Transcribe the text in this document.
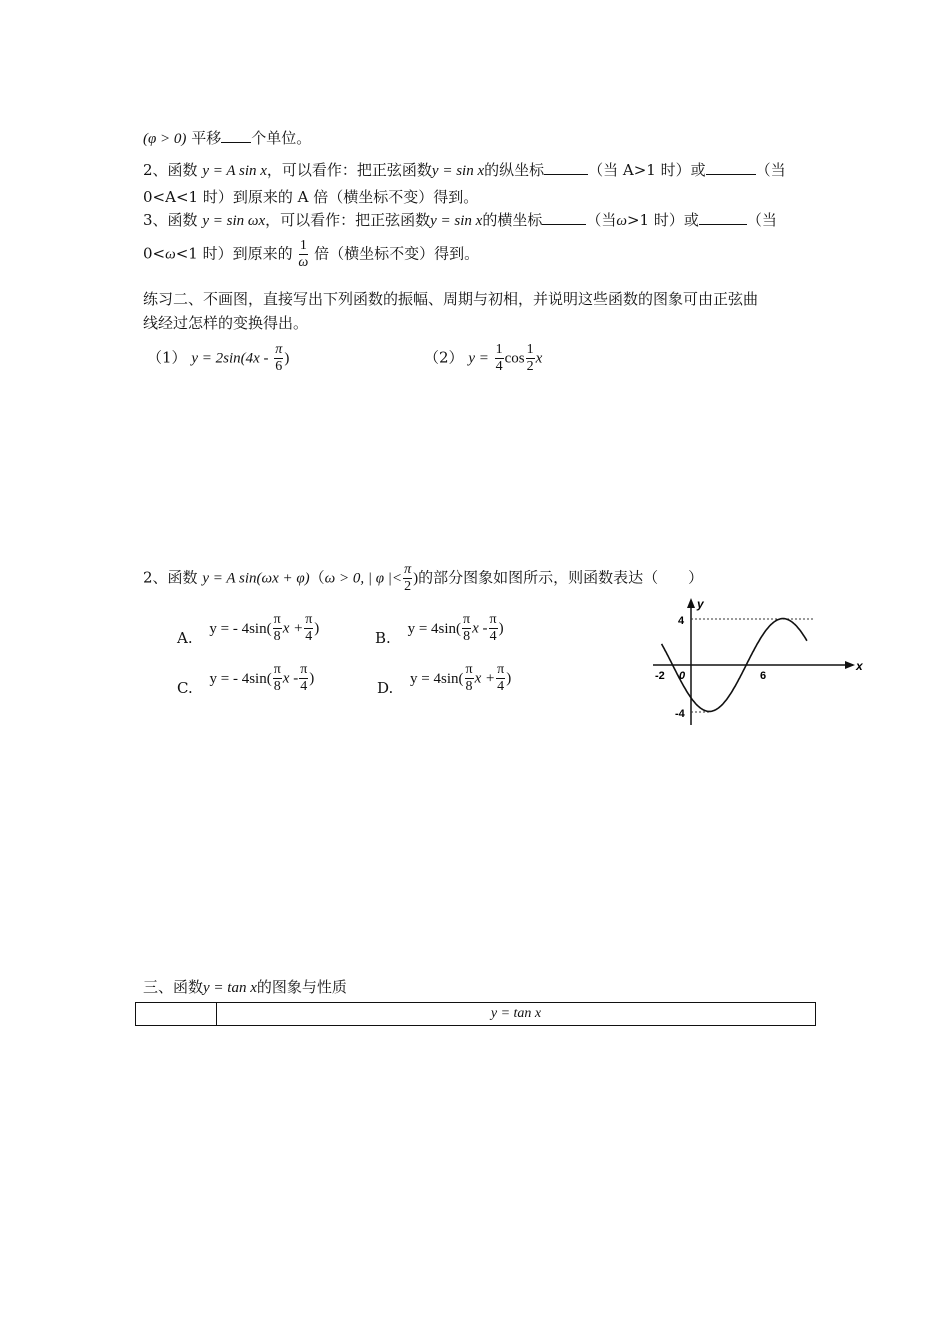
(φ > 0) 平移 个单位。
2、函数 y = A sin x，可以看作：把正弦函数y = sin x的纵坐标	（当 A>1 时）或	（当
0<A<1 时）到原来的 A 倍（横坐标不变）得到。
3、函数 y = sin ωx，可以看作：把正弦函数y = sin x的横坐标	（当ω>1 时）或	（当
0<ω<1 时）到原来的 $\frac{1}{\omega}$ 倍（横坐标不变）得到。
练习二、不画图，直接写出下列函数的振幅、周期与初相，并说明这些函数的图象可由正弦曲
线经过怎样的变换得出。
（1） $y = 2\sin(4x - \frac{\pi}{6}$ )	（2） $y = \frac{1}{4}$ $\cos \frac{1}{2}$ x
2、函数 y = A sin(ωx + φ)（ω > 0, | φ |< $\frac{\pi}{2}$ )的部分图象如图所示，则函数表达（　　）
A. y = - $4\sin( \frac{\pi}{8}$ $x + \frac{\pi}{4}$ )	B. $y = 4\sin( \frac{\pi}{8}$ x - $\frac{\pi}{4}$ )
C. y = - $4\sin( \frac{\pi}{8}$ x - $\frac{\pi}{4}$ )	D. $y = 4\sin( \frac{\pi}{8}$ $x + \frac{\pi}{4}$ )
y
x
4
-4
-2 0	6
三、函数y = tan x的图象与性质
	y = tan x
